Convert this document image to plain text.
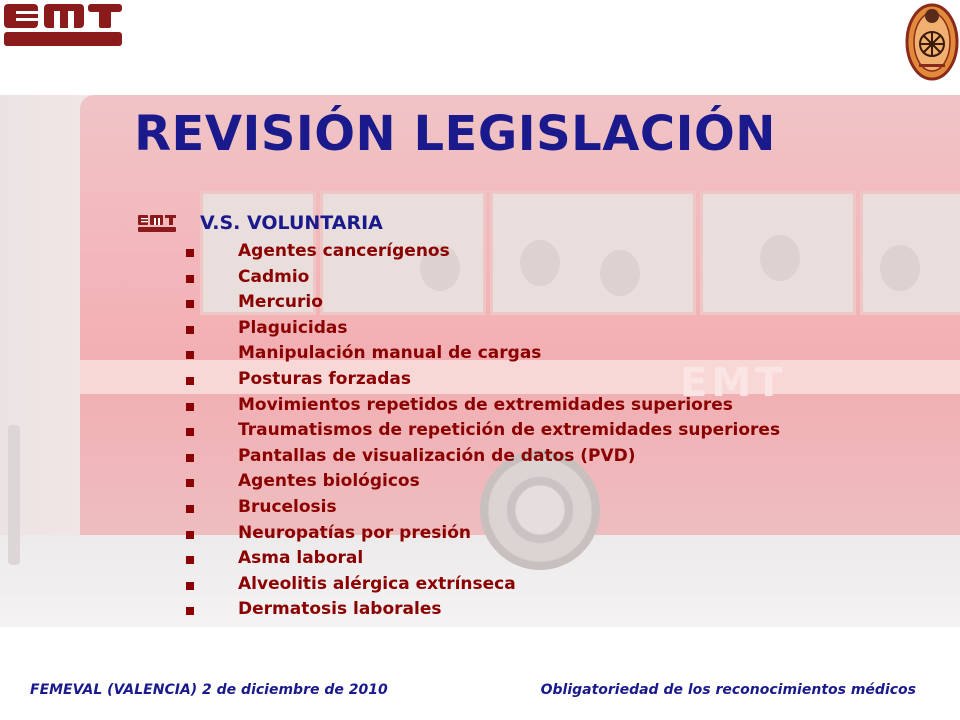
EMT
REVISIÓN LEGISLACIÓN
V.S. VOLUNTARIA
Agentes cancerígenos
Cadmio
Mercurio
Plaguicidas
Manipulación manual de cargas
Posturas forzadas
Movimientos repetidos de extremidades superiores
Traumatismos de repetición de extremidades superiores
Pantallas de visualización de datos (PVD)
Agentes biológicos
Brucelosis
Neuropatías por presión
Asma laboral
Alveolitis alérgica extrínseca
Dermatosis laborales
FEMEVAL (VALENCIA) 2 de diciembre de 2010	Obligatoriedad de los reconocimientos médicos
